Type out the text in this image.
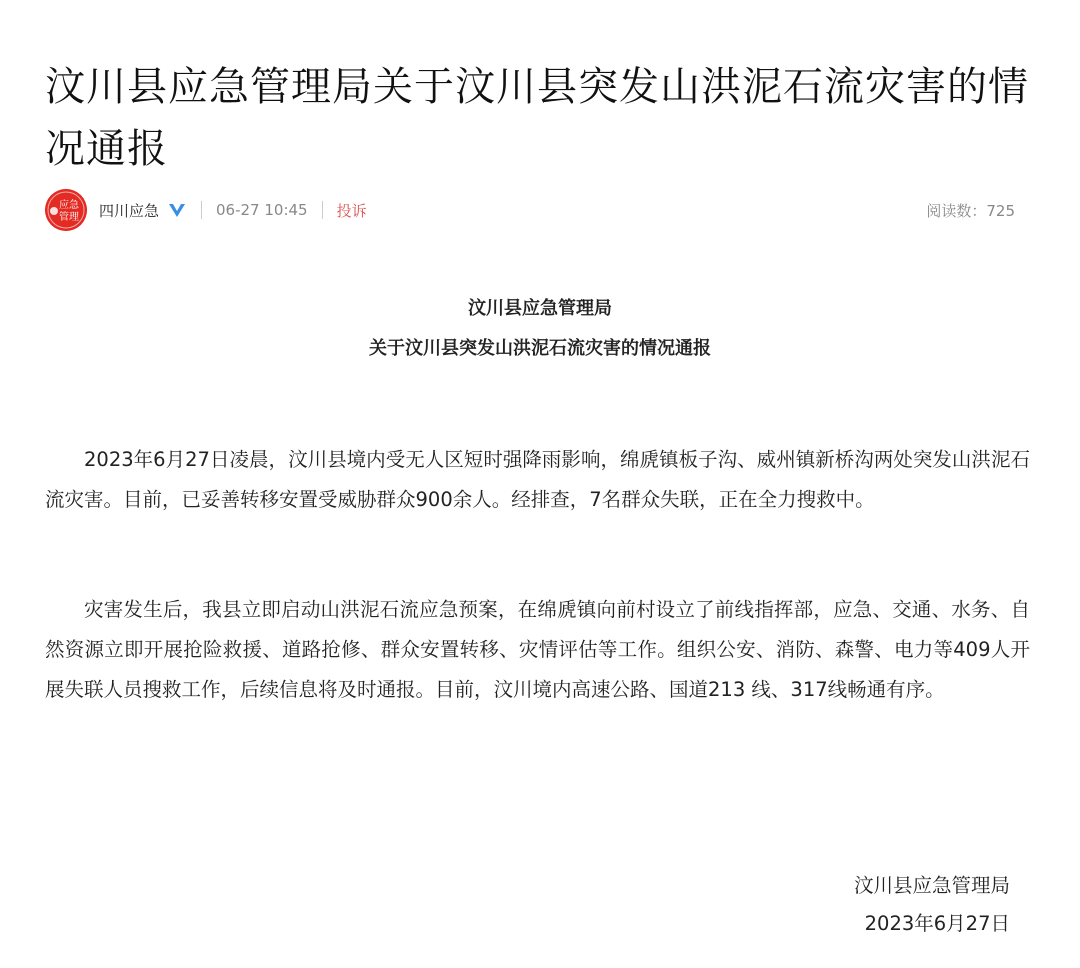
汶川县应急管理局关于汶川县突发山洪泥石流灾害的情况通报
应急
管理 四川应急	06-27 10:45 投诉	阅读数：725
汶川县应急管理局
关于汶川县突发山洪泥石流灾害的情况通报

2023年6月27日凌晨，汶川县境内受无人区短时强降雨影响，绵虒镇板子沟、威州镇新桥沟两处突发山洪泥石流灾害。目前，已妥善转移安置受威胁群众900余人。经排查，7名群众失联，正在全力搜救中。

灾害发生后，我县立即启动山洪泥石流应急预案，在绵虒镇向前村设立了前线指挥部，应急、交通、水务、自然资源立即开展抢险救援、道路抢修、群众安置转移、灾情评估等工作。组织公安、消防、森警、电力等409人开展失联人员搜救工作，后续信息将及时通报。目前，汶川境内高速公路、国道213 线、317线畅通有序。

汶川县应急管理局
2023年6月27日
